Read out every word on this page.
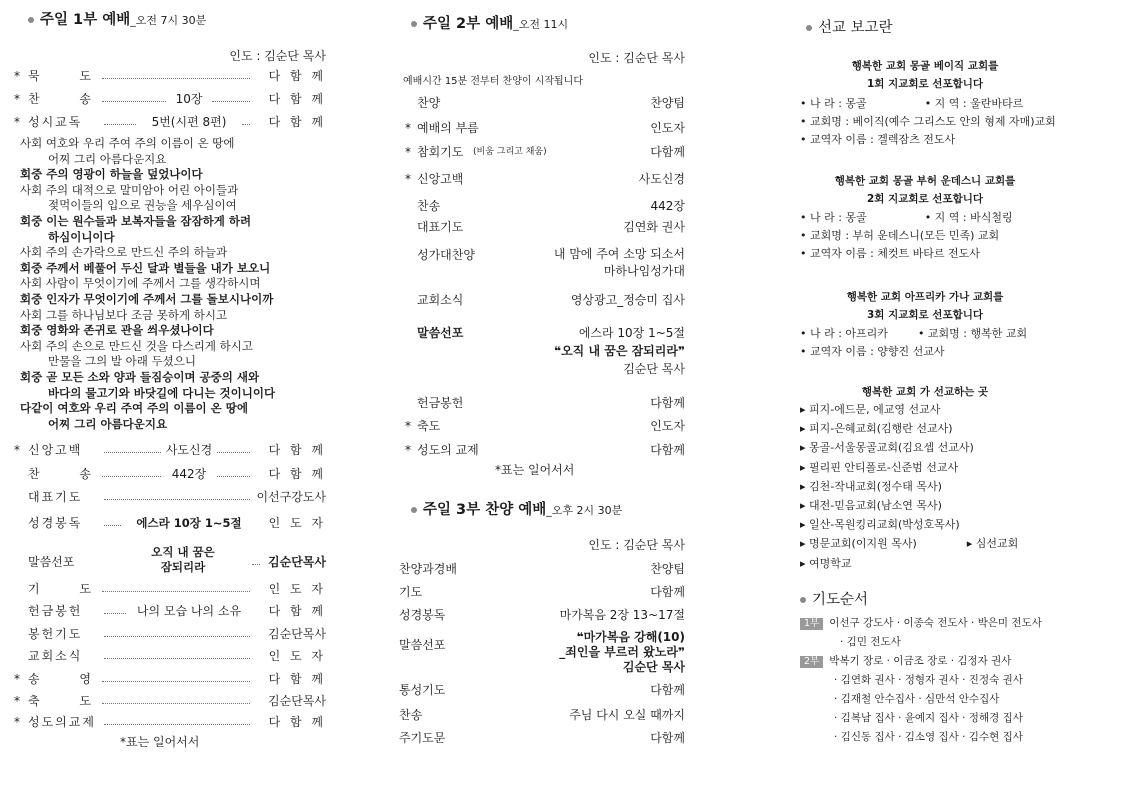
주일 1부 예배_오전 7시 30분
인도 : 김순단 목사
* 묵 도	다 함 께
* 찬 송	10장	다 함 께
* 성시교독	5번(시편 8편)	다 함 께
사회 여호와 우리 주여 주의 이름이 온 땅에
어찌 그리 아름다운지요
회중 주의 영광이 하늘을 덮었나이다
사회 주의 대적으로 말미암아 어린 아이들과
젖먹이들의 입으로 권능을 세우심이여
회중 이는 원수들과 보복자들을 잠잠하게 하려
하심이니이다
사회 주의 손가락으로 만드신 주의 하늘과
회중 주께서 베풀어 두신 달과 별들을 내가 보오니
사회 사람이 무엇이기에 주께서 그를 생각하시며
회중 인자가 무엇이기에 주께서 그를 돌보시나이까
사회 그를 하나님보다 조금 못하게 하시고
회중 영화와 존귀로 관을 씌우셨나이다
사회 주의 손으로 만드신 것을 다스리게 하시고
만물을 그의 발 아래 두셨으니
회중 곧 모든 소와 양과 들짐승이며 공중의 새와
바다의 물고기와 바닷길에 다니는 것이니이다
다같이 여호와 우리 주여 주의 이름이 온 땅에
어찌 그리 아름다운지요
* 신앙고백	사도신경	다 함 께
찬 송	442장	다 함 께
대표기도	이선구강도사
성경봉독	에스라 10장 1~5절	인 도 자
말씀선포
오직 내 꿈은
잠되리라	김순단목사
기 도	인 도 자
헌금봉헌	나의 모습 나의 소유	다 함 께
봉헌기도	김순단목사
교회소식	인 도 자
* 송 영	다 함 께
* 축 도	김순단목사
* 성도의교제	다 함 께
*표는 일어서서
주일 2부 예배_오전 11시
인도 : 김순단 목사
예배시간 15분 전부터 찬양이 시작됩니다
찬양	찬양팀
* 예배의 부름	인도자
* 참회기도 (비움 그리고 채움)	다함께
* 신앙고백	사도신경
찬송	442장
대표기도	김연화 권사
성가대찬양	내 맘에 주여 소망 되소서
마하나임성가대
교회소식	영상광고_정승미 집사
말씀선포	에스라 10장 1~5절
❝오직 내 꿈은 잠되리라❞
김순단 목사
헌금봉헌	다함께
* 축도	인도자
* 성도의 교제	다함께
*표는 일어서서
주일 3부 찬양 예배_오후 2시 30분
인도 : 김순단 목사
찬양과경배	찬양팀
기도	다함께
성경봉독	마가복음 2장 13~17절
말씀선포
❝마가복음 강해(10)
_죄인을 부르러 왔노라❞
김순단 목사
통성기도	다함께
찬송	주님 다시 오실 때까지
주기도문	다함께
선교 보고란
행복한 교회 몽골 베이직 교회를
1회 지교회로 선포합니다
• 나 라 : 몽골	• 지 역 : 울란바타르
• 교회명 : 베이직(예수 그리스도 안의 형제 자매)교회
• 교역자 이름 : 겔렉잠츠 전도사
행복한 교회 몽골 부허 운데스니 교회를
2회 지교회로 선포합니다
• 나 라 : 몽골	• 지 역 : 바식철링
• 교회명 : 부허 운데스니(모든 민족) 교회
• 교역자 이름 : 체컷트 바타르 전도사
행복한 교회 아프리카 가나 교회를
3회 지교회로 선포합니다
• 나 라 : 아프리카	• 교회명 : 행복한 교회
• 교역자 이름 : 양향진 선교사
행복한 교회 가 선교하는 곳
▸ 피지-에드문, 에교영 선교사
▸ 피지-은혜교회(김행란 선교사)
▸ 몽골-서울몽골교회(김요셉 선교사)
▸ 필리핀 안티폴로-신준범 선교사
▸ 김천-작내교회(정수태 목사)
▸ 대전-믿음교회(남소연 목사)
▸ 일산-목원킹리교회(박성호목사)
▸ 명문교회(이지원 목사)	▸ 심선교회
▸ 여명학교
기도순서
1부 이선구 강도사 · 이종숙 전도사 · 박은미 전도사
· 김민 전도사
2부 박복기 장로 · 이금조 장로 · 김정자 권사
· 김연화 권사 · 정형자 권사 · 진정숙 권사
· 김재철 안수집사 · 심만석 안수집사
· 김복남 집사 · 윤예지 집사 · 정해경 집사
· 김신동 집사 · 김소영 집사 · 김수현 집사
